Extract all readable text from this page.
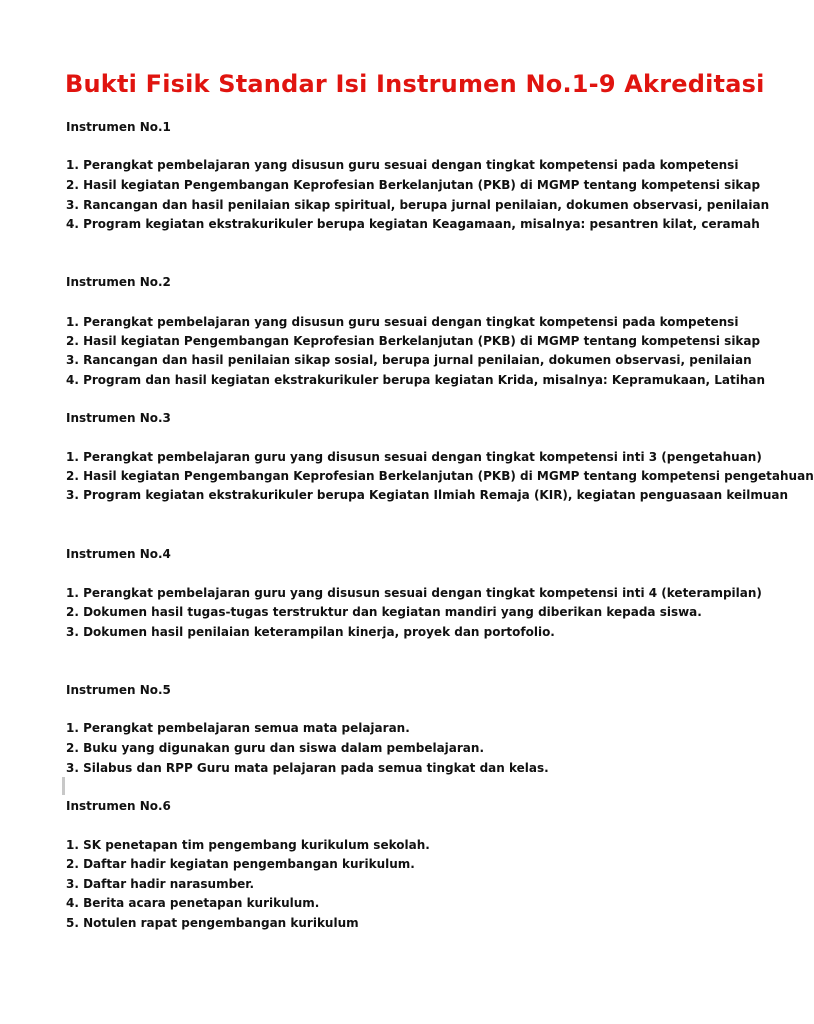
Bukti Fisik Standar Isi Instrumen No.1-9 Akreditasi
Instrumen No.1
1. Perangkat pembelajaran yang disusun guru sesuai dengan tingkat kompetensi pada kompetensi
2. Hasil kegiatan Pengembangan Keprofesian Berkelanjutan (PKB) di MGMP tentang kompetensi sikap
3. Rancangan dan hasil penilaian sikap spiritual, berupa jurnal penilaian, dokumen observasi, penilaian
4. Program kegiatan ekstrakurikuler berupa kegiatan Keagamaan, misalnya: pesantren kilat, ceramah
Instrumen No.2
1. Perangkat pembelajaran yang disusun guru sesuai dengan tingkat kompetensi pada kompetensi
2. Hasil kegiatan Pengembangan Keprofesian Berkelanjutan (PKB) di MGMP tentang kompetensi sikap
3. Rancangan dan hasil penilaian sikap sosial, berupa jurnal penilaian, dokumen observasi, penilaian
4. Program dan hasil kegiatan ekstrakurikuler berupa kegiatan Krida, misalnya: Kepramukaan, Latihan
Instrumen No.3
1. Perangkat pembelajaran guru yang disusun sesuai dengan tingkat kompetensi inti 3 (pengetahuan)
2. Hasil kegiatan Pengembangan Keprofesian Berkelanjutan (PKB) di MGMP tentang kompetensi pengetahuan
3. Program kegiatan ekstrakurikuler berupa Kegiatan Ilmiah Remaja (KIR), kegiatan penguasaan keilmuan
Instrumen No.4
1. Perangkat pembelajaran guru yang disusun sesuai dengan tingkat kompetensi inti 4 (keterampilan)
2. Dokumen hasil tugas-tugas terstruktur dan kegiatan mandiri yang diberikan kepada siswa.
3. Dokumen hasil penilaian keterampilan kinerja, proyek dan portofolio.
Instrumen No.5
1. Perangkat pembelajaran semua mata pelajaran.
2. Buku yang digunakan guru dan siswa dalam pembelajaran.
3. Silabus dan RPP Guru mata pelajaran pada semua tingkat dan kelas.
Instrumen No.6
1. SK penetapan tim pengembang kurikulum sekolah.
2. Daftar hadir kegiatan pengembangan kurikulum.
3. Daftar hadir narasumber.
4. Berita acara penetapan kurikulum.
5. Notulen rapat pengembangan kurikulum
